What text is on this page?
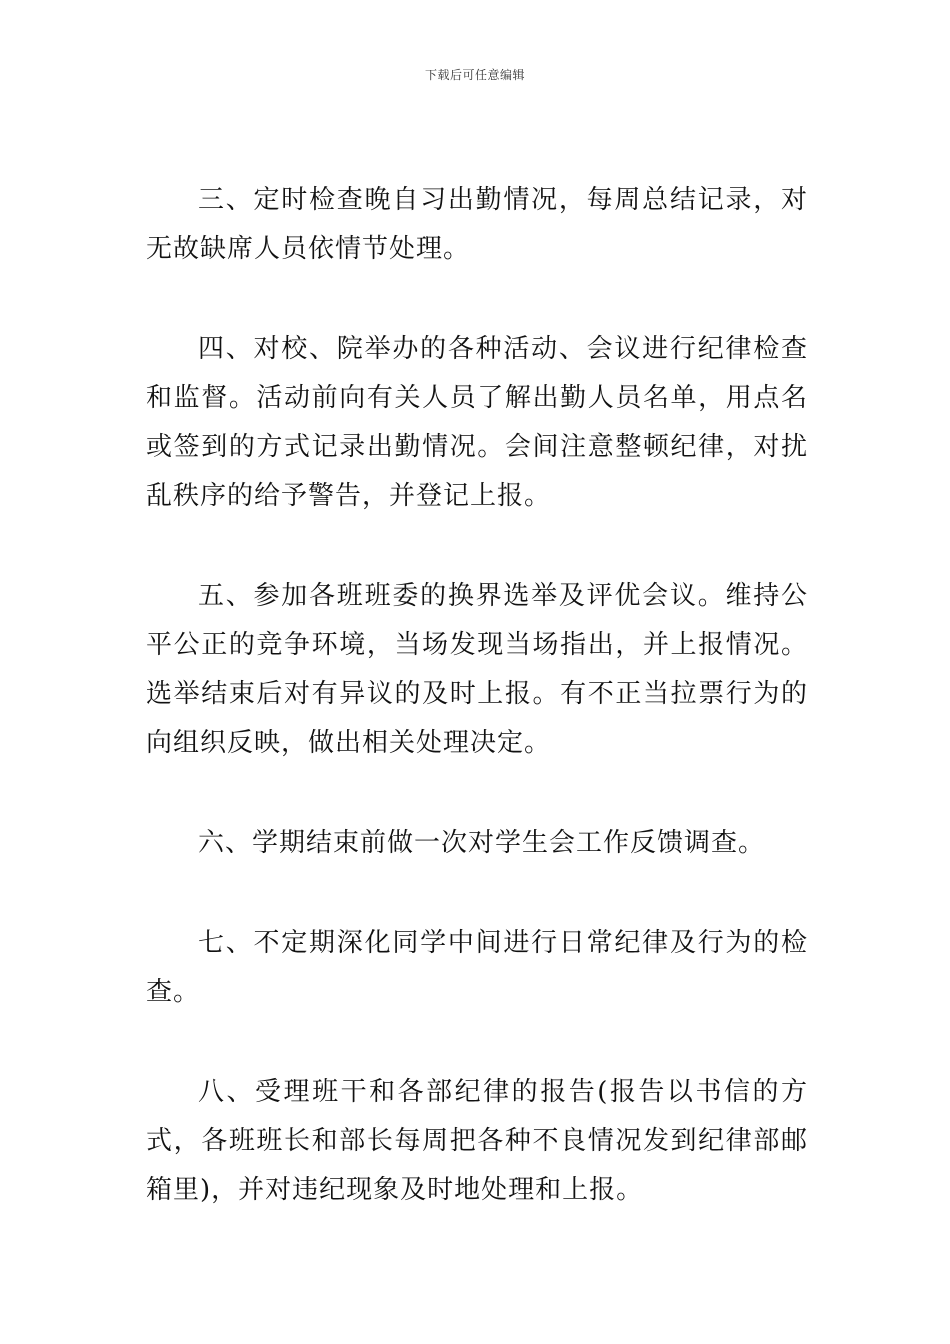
下载后可任意编辑

三、定时检查晚自习出勤情况，每周总结记录，对无故缺席人员依情节处理。

四、对校、院举办的各种活动、会议进行纪律检查和监督。活动前向有关人员了解出勤人员名单，用点名或签到的方式记录出勤情况。会间注意整顿纪律，对扰乱秩序的给予警告，并登记上报。

五、参加各班班委的换界选举及评优会议。维持公平公正的竞争环境，当场发现当场指出，并上报情况。选举结束后对有异议的及时上报。有不正当拉票行为的向组织反映，做出相关处理决定。

六、学期结束前做一次对学生会工作反馈调查。

七、不定期深化同学中间进行日常纪律及行为的检查。

八、受理班干和各部纪律的报告(报告以书信的方式，各班班长和部长每周把各种不良情况发到纪律部邮箱里)，并对违纪现象及时地处理和上报。
